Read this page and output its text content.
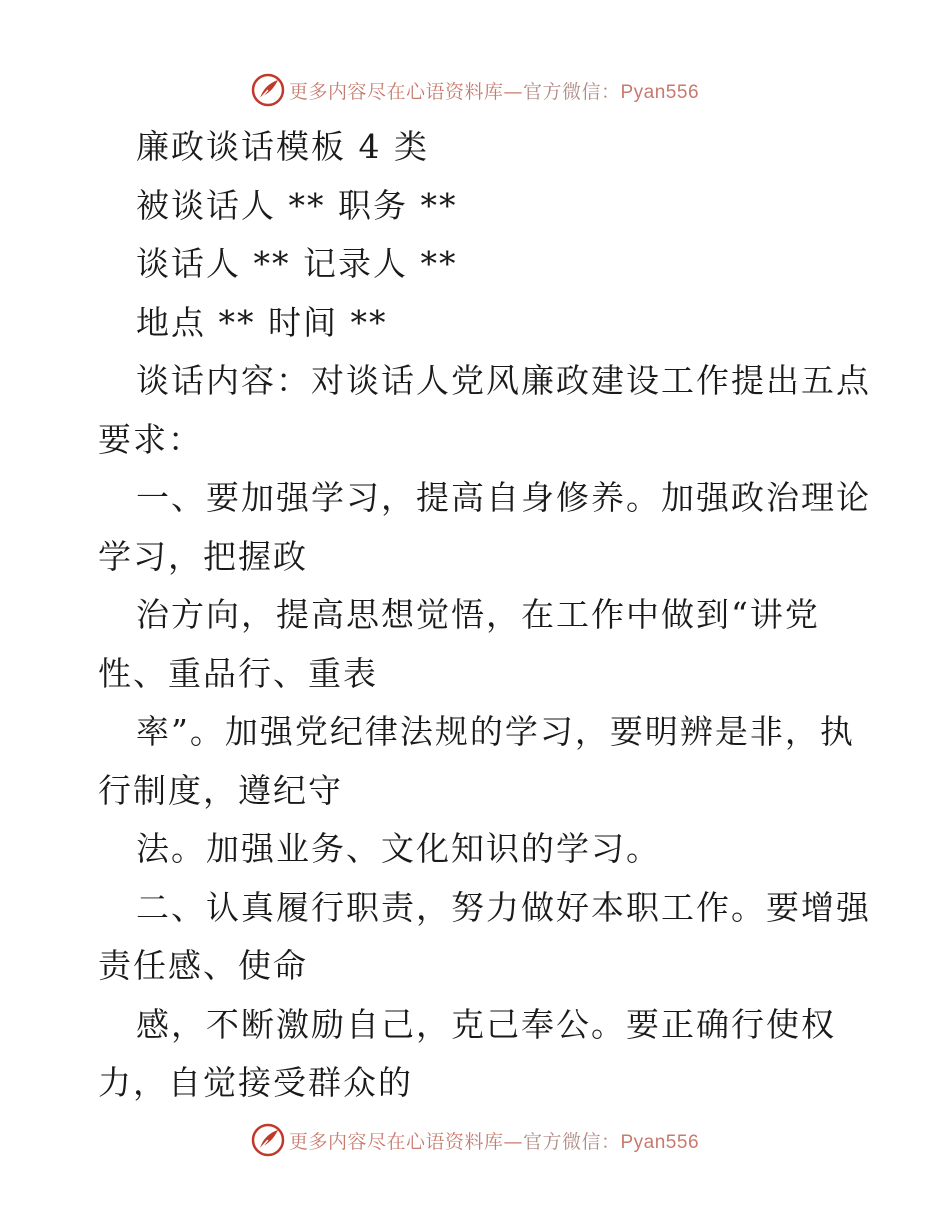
更多内容尽在心语资料库—官方微信：Pyan556
廉政谈话模板 4 类
被谈话人 ** 职务 **
谈话人 ** 记录人 **
地点 ** 时间 **
谈话内容：对谈话人党风廉政建设工作提出五点
要求：
一、要加强学习，提高自身修养。加强政治理论
学习，把握政
治方向，提高思想觉悟，在工作中做到“讲党
性、重品行、重表
率”。加强党纪律法规的学习，要明辨是非，执
行制度，遵纪守
法。加强业务、文化知识的学习。
二、认真履行职责，努力做好本职工作。要增强
责任感、使命
感，不断激励自己，克己奉公。要正确行使权
力，自觉接受群众的
更多内容尽在心语资料库—官方微信：Pyan556
